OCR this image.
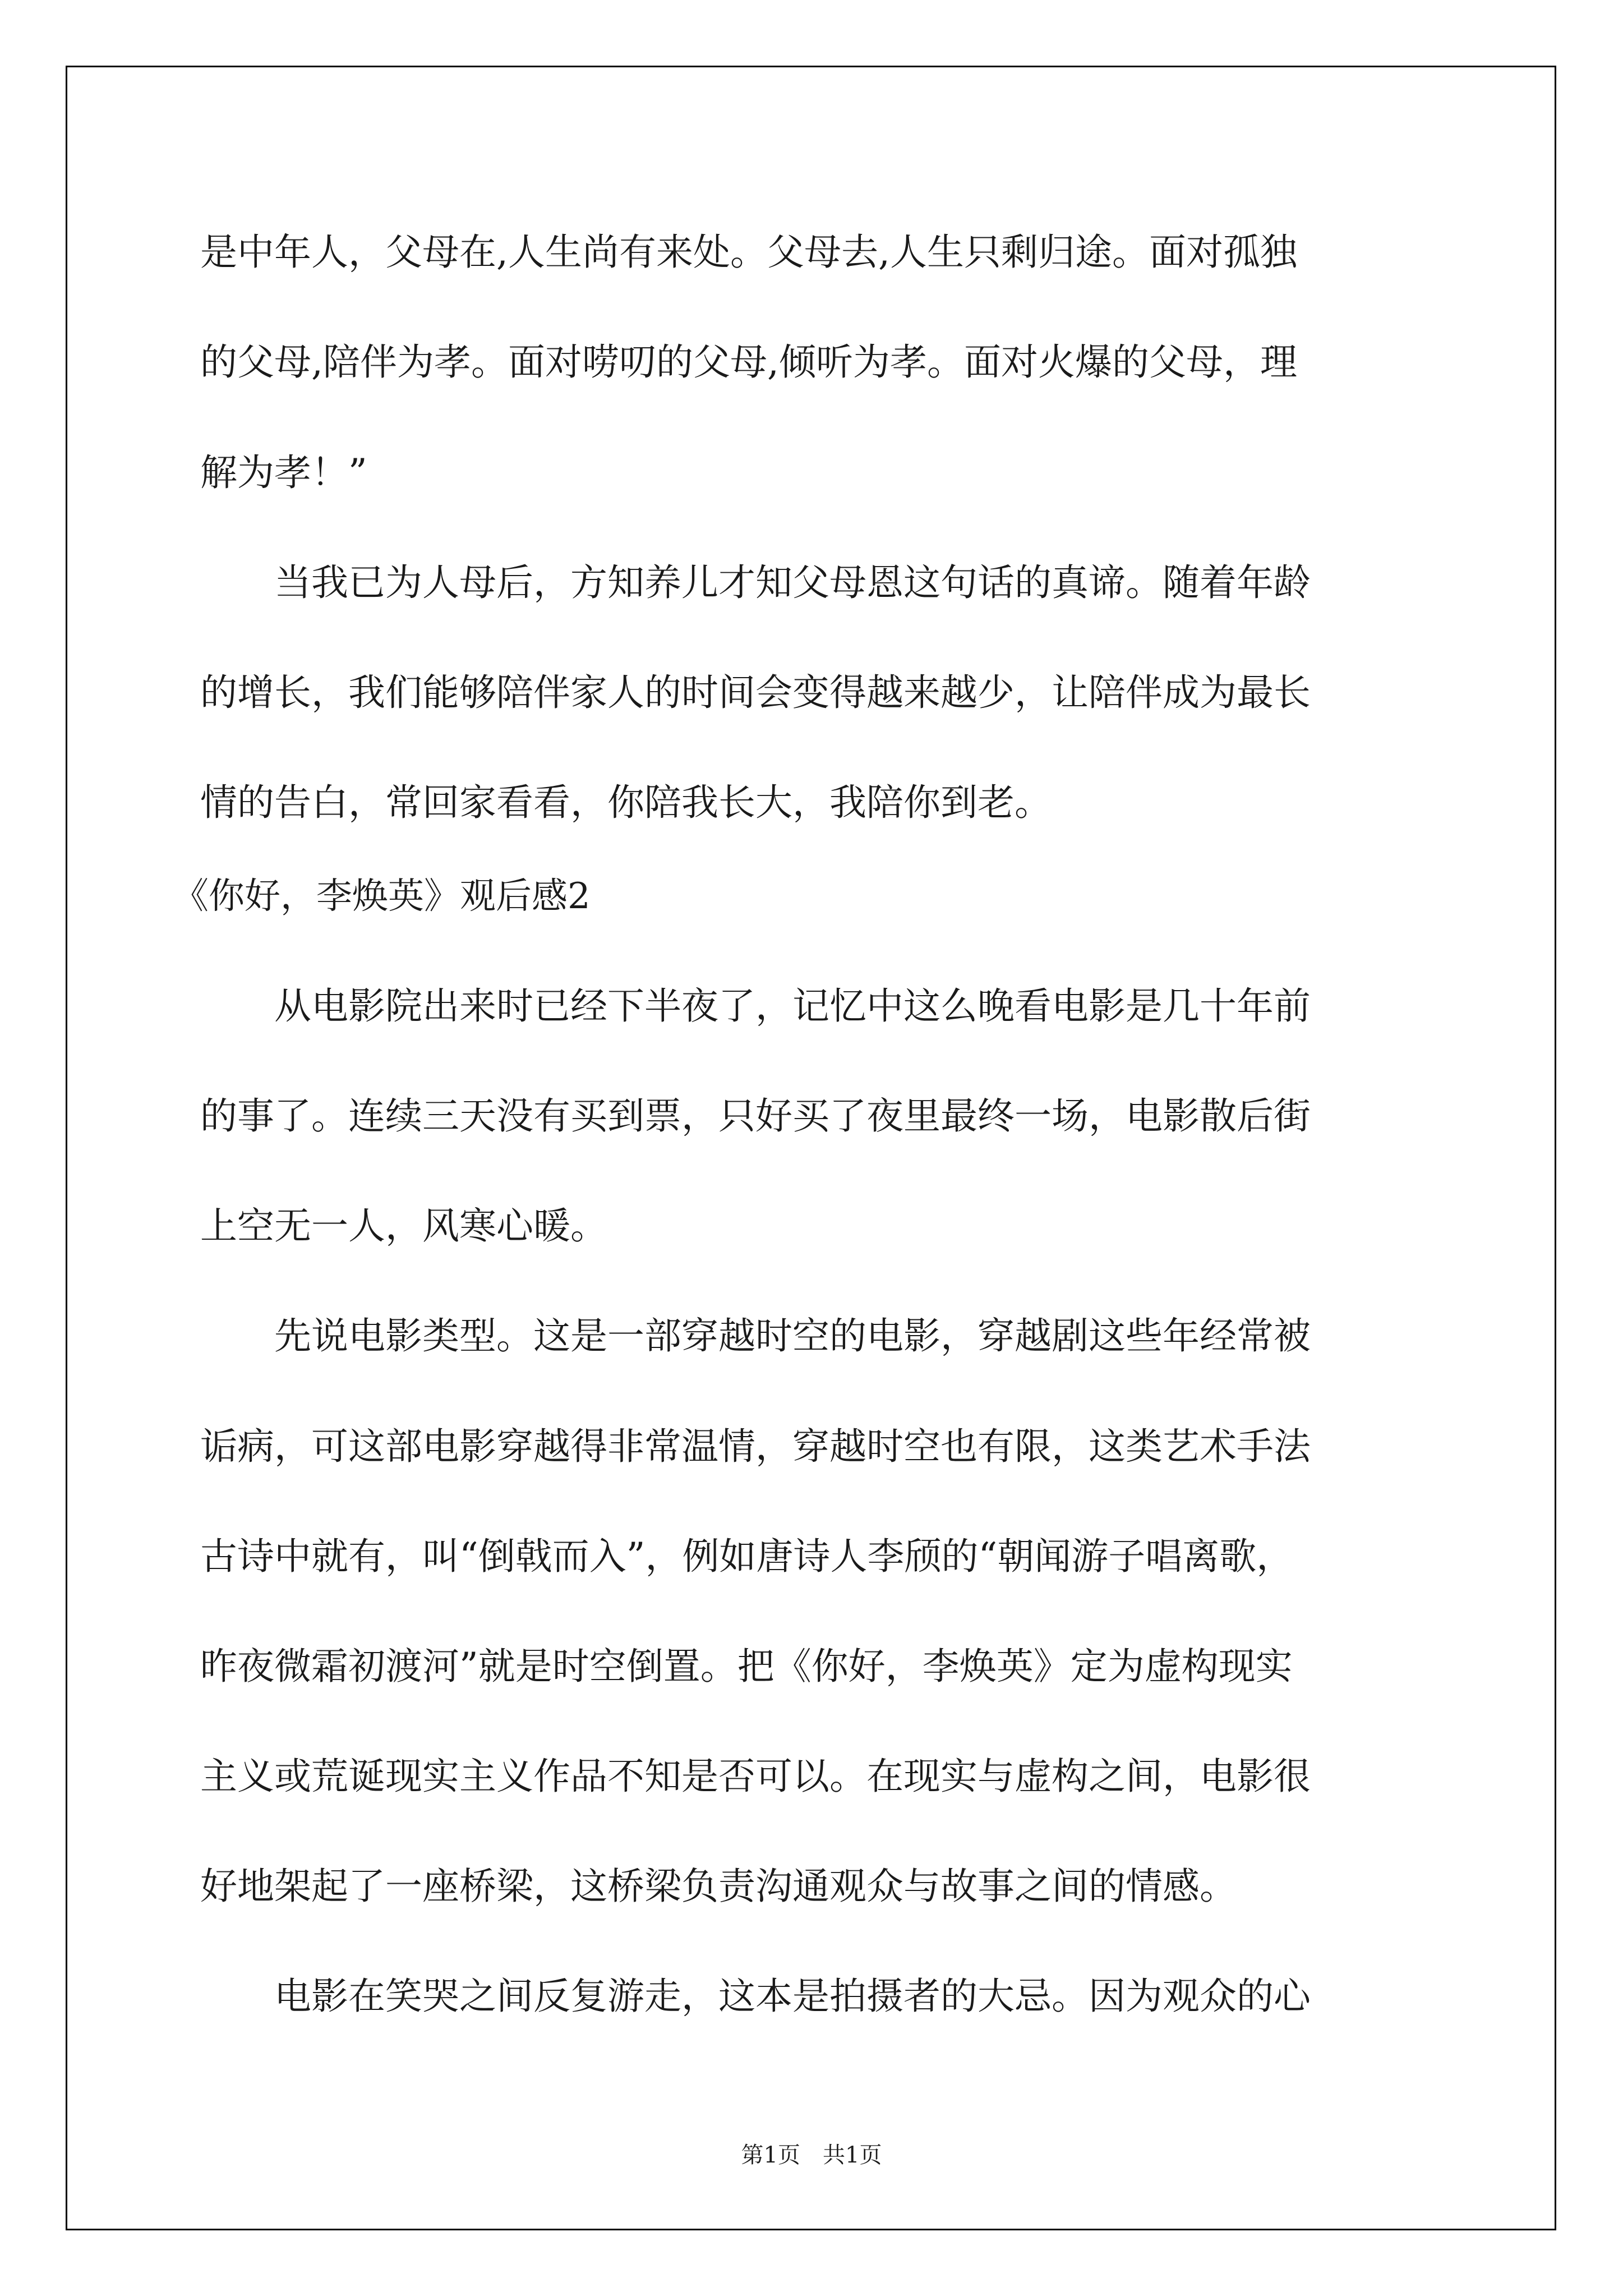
是中年人，父母在,人生尚有来处。父母去,人生只剩归途。面对孤独

的父母,陪伴为孝。面对唠叨的父母,倾听为孝。面对火爆的父母，理

解为孝！”

　　当我已为人母后，方知养儿才知父母恩这句话的真谛。随着年龄

的增长，我们能够陪伴家人的时间会变得越来越少，让陪伴成为最长

情的告白，常回家看看，你陪我长大，我陪你到老。

《你好，李焕英》观后感2

　　从电影院出来时已经下半夜了，记忆中这么晚看电影是几十年前

的事了。连续三天没有买到票，只好买了夜里最终一场，电影散后街

上空无一人，风寒心暖。

　　先说电影类型。这是一部穿越时空的电影，穿越剧这些年经常被

诟病，可这部电影穿越得非常温情，穿越时空也有限，这类艺术手法

古诗中就有，叫“倒戟而入”，例如唐诗人李颀的“朝闻游子唱离歌，

昨夜微霜初渡河”就是时空倒置。把《你好，李焕英》定为虚构现实

主义或荒诞现实主义作品不知是否可以。在现实与虚构之间，电影很

好地架起了一座桥梁，这桥梁负责沟通观众与故事之间的情感。

　　电影在笑哭之间反复游走，这本是拍摄者的大忌。因为观众的心

第1页　共1页
